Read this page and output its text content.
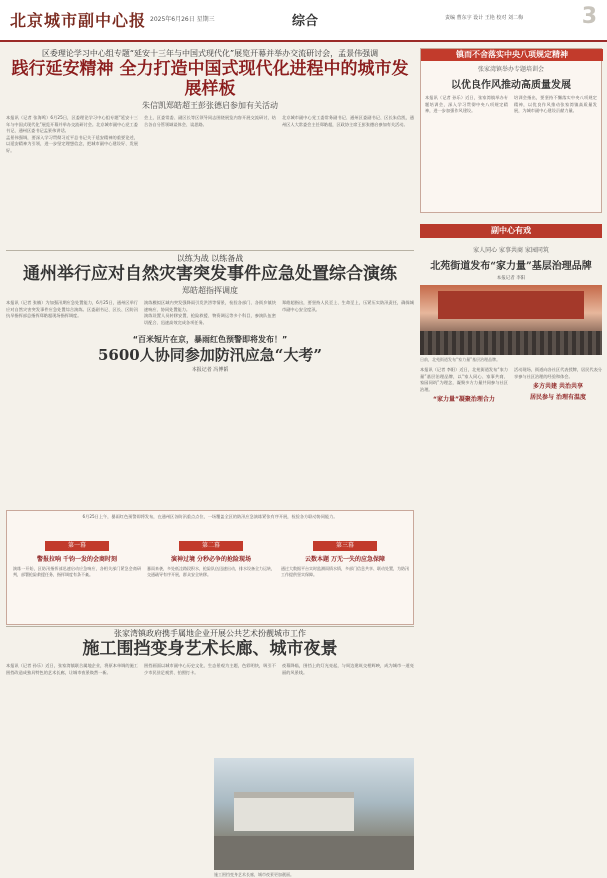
北京城市副中心报 2025年6月26日 星期三	综合	责编 曹东宇 设计 王艳 校对 刘二梅	3
区委理论学习中心组专题“延安十三年与中国式现代化”展览开幕并举办交流研讨会，孟景伟强调
践行延安精神 全力打造中国式现代化进程中的城市发展样板
朱信凯郑皓超王彭张德启参加有关活动

本报讯（记者 张海鸣）6月25日，区委理论学习中心组专题“延安十三年与中国式现代化”展览开幕并举办交流研讨会。北京城市副中心党工委书记、通州区委书记孟景伟讲话。

孟景伟强调，要深入学习贯彻习近平总书记关于延安精神的重要论述，以延安精神为引领，进一步坚定理想信念，把城市副中心建设好、发展好。

会上，区委常委、副区长等区领导同志围绕展览内容开展交流研讨，结合各自分管领域谈体会、谈思路。

北京城市副中心党工委常务副书记、通州区委副书记、区长朱信凯，通州区人大常委会主任郑皓超，区政协主席王彭张德启参加有关活动。

以练为战 以练备战
通州举行应对自然灾害突发事件应急处置综合演练
郑皓超指挥调度

本报讯（记者 张楠）为加强汛期应急处置能力，6月25日，通州区举行应对自然灾害突发事件应急处置综合演练。区委副书记、区长、区防汛抗旱指挥部总指挥郑皓超现场指挥调度。

演练模拟区域内突发强降雨引发洪涝等情景，检验各部门、各街乡镇快速响应、协同处置能力。

演练设置人员转移安置、抢险救援、物资调运等多个科目，参演队伍密切配合、迅速高效完成各项任务。

郑皓超指出，要坚持人民至上、生命至上，压紧压实防汛责任，确保城市副中心安全度汛。

“百米短片在京，暴雨红色预警即将发布！”
5600人协同参加防汛应急“大考”
本报记者 冯博韬
6月25日上午，暴雨红色预警即将发布，在通州区各防汛重点点位，一场覆盖全区的防汛应急演练紧张有序开展，检验各方联动协同能力。
第一幕
警报拉响 千钧一发的会商时刻
演练一开始，区防汛指挥部迅速启动应急响应，各相关部门紧急会商研判，部署抢险救援任务，指挥调度有条不紊。
第二幕
演神过境 分秒必争的抢险现场
暴雨来袭，多处低洼路段积水，抢险队伍迅速出动，排水设备全力运转，交通疏导有序开展，群众安全转移。
第三幕
云数本题 万无一失的应急保障
通过大数据平台实时监测雨情水情，多部门信息共享、联动处置，为防汛工作提供坚实保障。
张家湾镇政府携手属地企业开展公共艺术扮靓城市工作
施工围挡变身艺术长廊、城市夜景

本报讯（记者 孙乐）近日，张家湾镇联合属地企业，将原本单调的施工围挡改造成独具特色的艺术长廊，让城市夜景焕然一新。

围挡画面以城市副中心历史文化、生态景观为主题，色彩明快，吸引不少市民驻足观赏、拍照打卡。

夜幕降临，围挡上的灯光亮起，与周边建筑交相辉映，成为城市一道亮丽的风景线。

施工围挡变身艺术长廊，城市夜景更加靓丽。
镇而不舍落实中央八项规定精神
张家湾镇举办专题培训会
以优良作风推动高质量发展

本报讯（记者 孙乐）近日，张家湾镇举办专题培训会，深入学习贯彻中央八项规定精神，进一步加强作风建设。

培训会指出，要坚持不懈落实中央八项规定精神，以优良作风推动张家湾镇高质量发展，为城市副中心建设贡献力量。

副中心有戏
家人同心 家事共商 家园同筑
北苑街道发布“家力量”基层治理品牌
本报记者 李阳
日前，北苑街道发布“家力量”基层治理品牌。

本报讯（记者 李阳）近日，北苑街道发布“家力量”基层治理品牌，以“家人同心、家事共商、家园同筑”为理念，凝聚多方力量共同参与社区治理。

“家力量”凝聚治理合力

活动现场，街道向各社区代表授牌，居民代表分享参与社区治理的经验和体会。

多方共建 共治共享
居民参与 治理有温度
